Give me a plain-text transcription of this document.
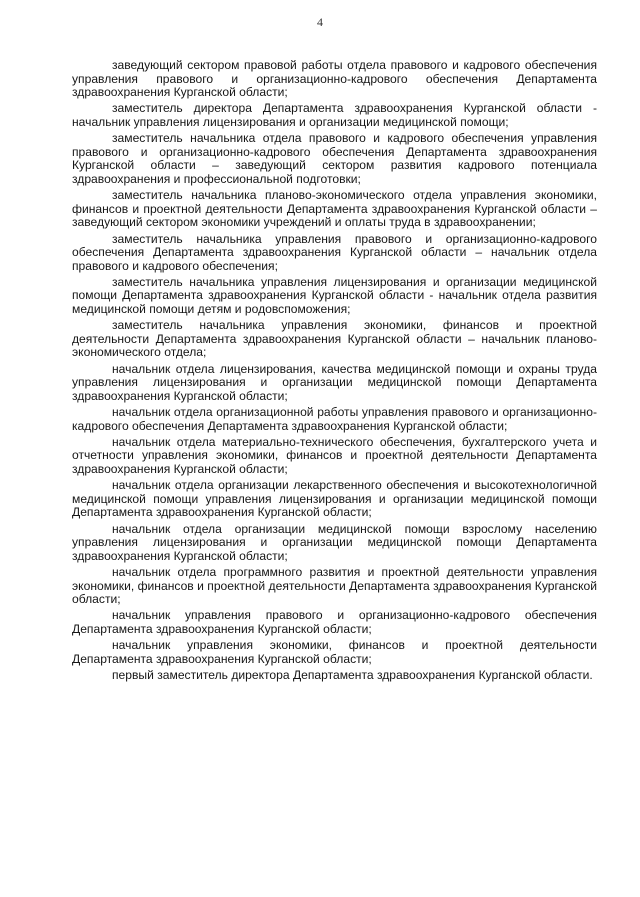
4

заведующий сектором правовой работы отдела правового и кадрового обеспечения управления правового и организационно-кадрового обеспечения Департамента здравоохранения Курганской области;

заместитель директора Департамента здравоохранения Курганской области - начальник управления лицензирования и организации медицинской помощи;

заместитель начальника отдела правового и кадрового обеспечения управления правового и организационно-кадрового обеспечения Департамента здравоохранения Курганской области – заведующий сектором развития кадрового потенциала здравоохранения и профессиональной подготовки;

заместитель начальника планово-экономического отдела управления экономики, финансов и проектной деятельности Департамента здравоохранения Курганской области – заведующий сектором экономики учреждений и оплаты труда в здравоохранении;

заместитель начальника управления правового и организационно-кадрового обеспечения Департамента здравоохранения Курганской области – начальник отдела правового и кадрового обеспечения;

заместитель начальника управления лицензирования и организации медицинской помощи Департамента здравоохранения Курганской области - начальник отдела развития медицинской помощи детям и родовспоможения;

заместитель начальника управления экономики, финансов и проектной деятельности Департамента здравоохранения Курганской области – начальник планово-экономического отдела;

начальник отдела лицензирования, качества медицинской помощи и охраны труда управления лицензирования и организации медицинской помощи Департамента здравоохранения Курганской области;

начальник отдела организационной работы управления правового и организационно-кадрового обеспечения Департамента здравоохранения Курганской области;

начальник отдела материально-технического обеспечения, бухгалтерского учета и отчетности управления экономики, финансов и проектной деятельности Департамента здравоохранения Курганской области;

начальник отдела организации лекарственного обеспечения и высокотехнологичной медицинской помощи управления лицензирования и организации медицинской помощи Департамента здравоохранения Курганской области;

начальник отдела организации медицинской помощи взрослому населению управления лицензирования и организации медицинской помощи Департамента здравоохранения Курганской области;

начальник отдела программного развития и проектной деятельности управления экономики, финансов и проектной деятельности Департамента здравоохранения Курганской области;

начальник управления правового и организационно-кадрового обеспечения Департамента здравоохранения Курганской области;

начальник управления экономики, финансов и проектной деятельности Департамента здравоохранения Курганской области;

первый заместитель директора Департамента здравоохранения Курганской области.
